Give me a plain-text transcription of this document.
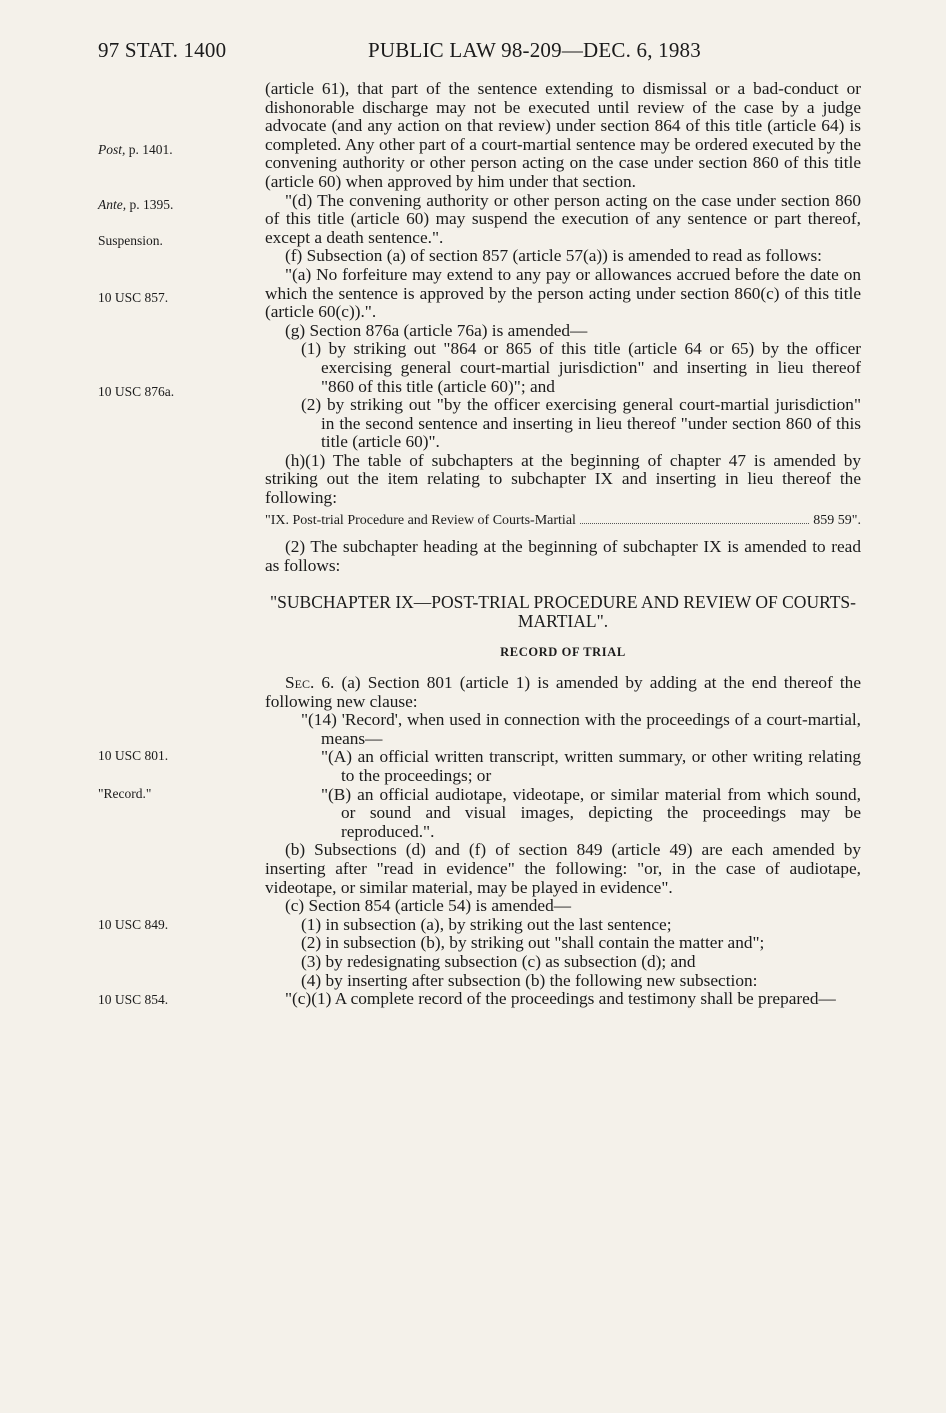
97 STAT. 1400	PUBLIC LAW 98-209—DEC. 6, 1983
Post, p. 1401.
Ante, p. 1395.
Suspension.
10 USC 857.
10 USC 876a.
10 USC 801.
"Record."
10 USC 849.
10 USC 854.

(article 61), that part of the sentence extending to dismissal or a bad-conduct or dishonorable discharge may not be executed until review of the case by a judge advocate (and any action on that review) under section 864 of this title (article 64) is completed. Any other part of a court-martial sentence may be ordered executed by the convening authority or other person acting on the case under section 860 of this title (article 60) when approved by him under that section.

"(d) The convening authority or other person acting on the case under section 860 of this title (article 60) may suspend the execution of any sentence or part thereof, except a death sentence.".

(f) Subsection (a) of section 857 (article 57(a)) is amended to read as follows:

"(a) No forfeiture may extend to any pay or allowances accrued before the date on which the sentence is approved by the person acting under section 860(c) of this title (article 60(c)).".

(g) Section 876a (article 76a) is amended—

(1) by striking out "864 or 865 of this title (article 64 or 65) by the officer exercising general court-martial jurisdiction" and inserting in lieu thereof "860 of this title (article 60)"; and

(2) by striking out "by the officer exercising general court-martial jurisdiction" in the second sentence and inserting in lieu thereof "under section 860 of this title (article 60)".

(h)(1) The table of subchapters at the beginning of chapter 47 is amended by striking out the item relating to subchapter IX and inserting in lieu thereof the following:

"IX. Post-trial Procedure and Review of Courts-Martial	859 59".

(2) The subchapter heading at the beginning of subchapter IX is amended to read as follows:

"SUBCHAPTER IX—POST-TRIAL PROCEDURE AND REVIEW OF COURTS-MARTIAL".
RECORD OF TRIAL

Sec. 6. (a) Section 801 (article 1) is amended by adding at the end thereof the following new clause:

"(14) 'Record', when used in connection with the proceedings of a court-martial, means—

"(A) an official written transcript, written summary, or other writing relating to the proceedings; or

"(B) an official audiotape, videotape, or similar material from which sound, or sound and visual images, depicting the proceedings may be reproduced.".

(b) Subsections (d) and (f) of section 849 (article 49) are each amended by inserting after "read in evidence" the following: "or, in the case of audiotape, videotape, or similar material, may be played in evidence".

(c) Section 854 (article 54) is amended—

(1) in subsection (a), by striking out the last sentence;

(2) in subsection (b), by striking out "shall contain the matter and";

(3) by redesignating subsection (c) as subsection (d); and

(4) by inserting after subsection (b) the following new subsection:

"(c)(1) A complete record of the proceedings and testimony shall be prepared—
